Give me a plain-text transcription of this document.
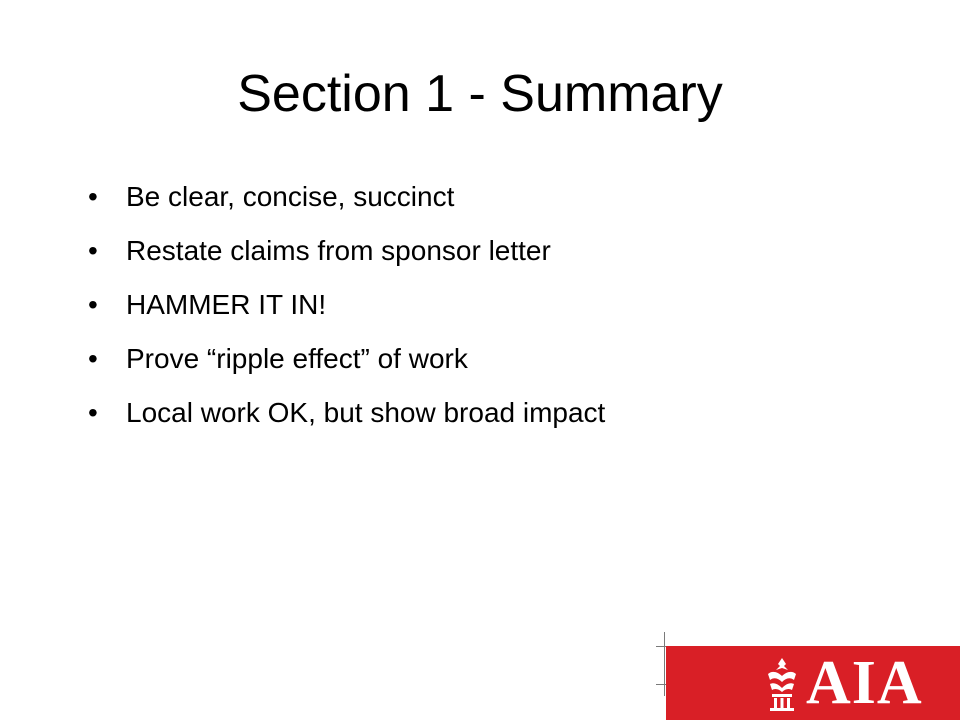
Section 1 - Summary
•	Be clear, concise, succinct
•	Restate claims from sponsor letter
•	HAMMER IT IN!
•	Prove “ripple effect” of work
•	Local work OK, but show broad impact
AIA
